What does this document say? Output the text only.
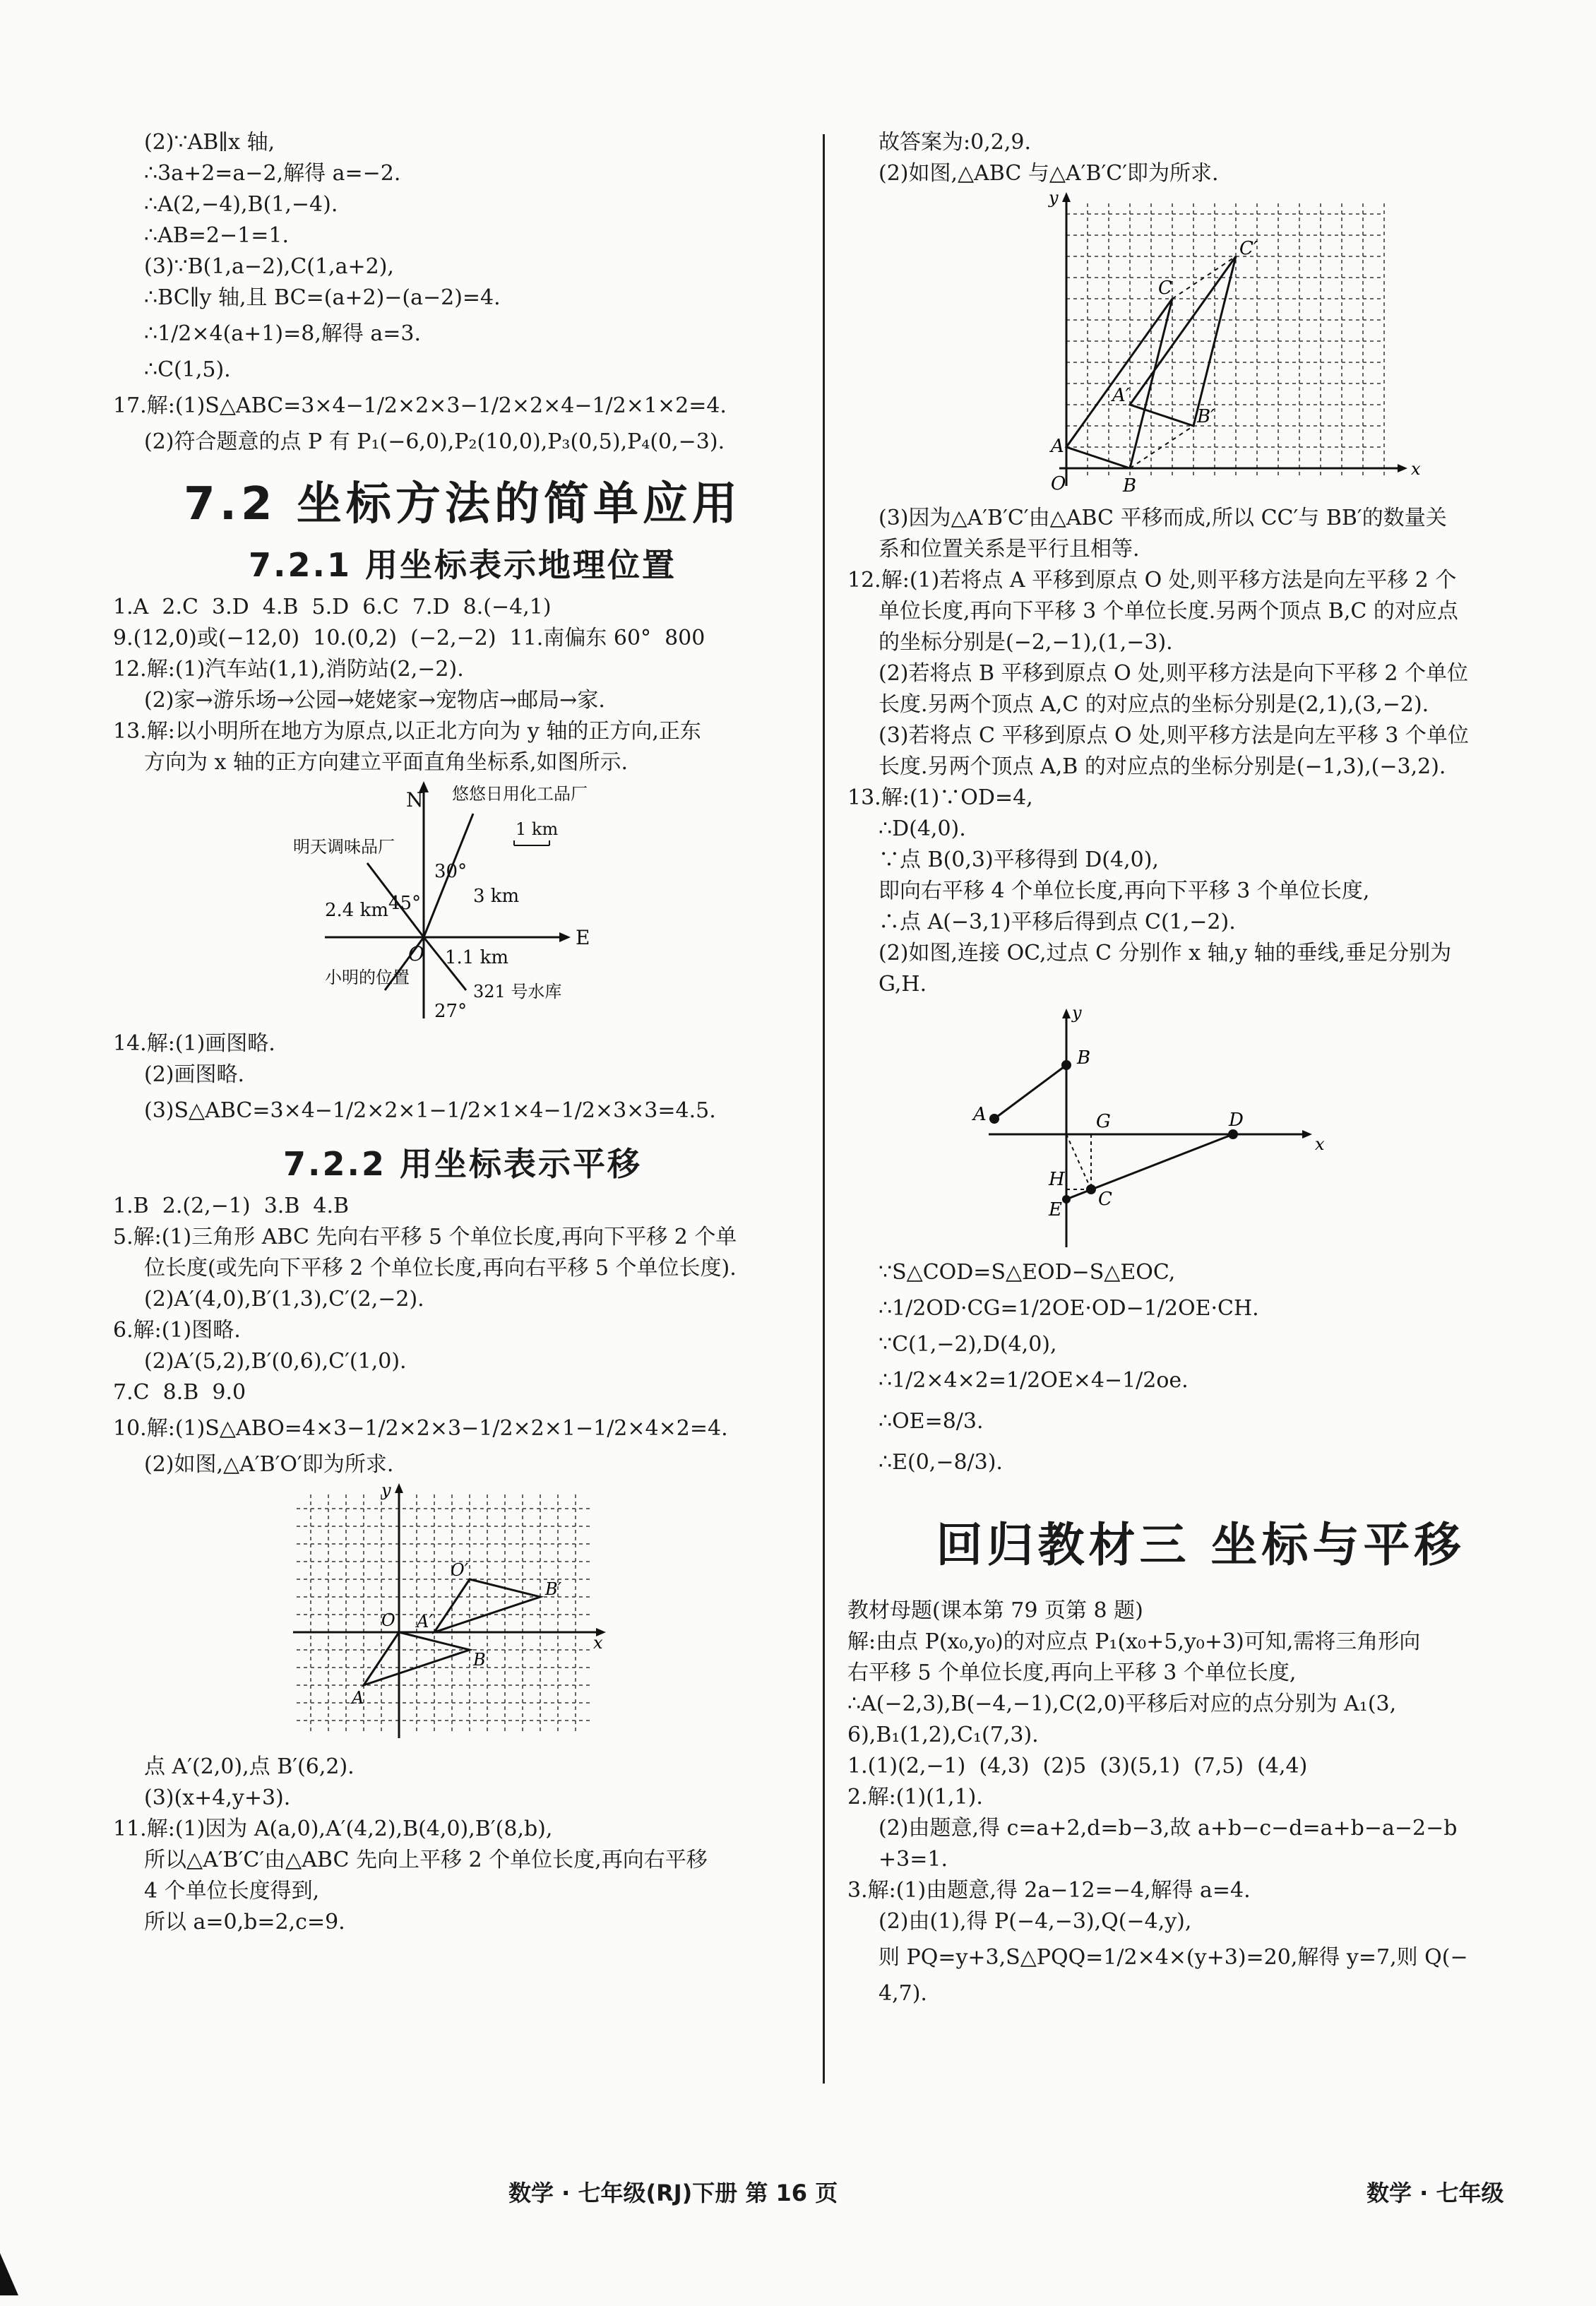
(2)∵AB∥x 轴,
∴3a+2=a−2,解得 a=−2.
∴A(2,−4),B(1,−4).
∴AB=2−1=1.
(3)∵B(1,a−2),C(1,a+2),
∴BC∥y 轴,且 BC=(a+2)−(a−2)=4.
∴1/2×4(a+1)=8,解得 a=3.
∴C(1,5).
17.解:(1)S△ABC=3×4−1/2×2×3−1/2×2×4−1/2×1×2=4.
(2)符合题意的点 P 有 P₁(−6,0),P₂(10,0),P₃(0,5),P₄(0,−3).
7.2 坐标方法的简单应用
7.2.1 用坐标表示地理位置
1.A  2.C  3.D  4.B  5.D  6.C  7.D  8.(−4,1)
9.(12,0)或(−12,0)  10.(0,2)  (−2,−2)  11.南偏东 60°  800
12.解:(1)汽车站(1,1),消防站(2,−2).
(2)家→游乐场→公园→姥姥家→宠物店→邮局→家.
13.解:以小明所在地方为原点,以正北方向为 y 轴的正方向,正东
方向为 x 轴的正方向建立平面直角坐标系,如图所示.
悠悠日用化工品厂
N
1 km
明天调味品厂
30°
3 km
45°
2.4 km
E
O 1.1 km
小明的位置
321 号水库
27°
14.解:(1)画图略.
(2)画图略.
(3)S△ABC=3×4−1/2×2×1−1/2×1×4−1/2×3×3=4.5.
7.2.2 用坐标表示平移
1.B  2.(2,−1)  3.B  4.B
5.解:(1)三角形 ABC 先向右平移 5 个单位长度,再向下平移 2 个单
位长度(或先向下平移 2 个单位长度,再向右平移 5 个单位长度).
(2)A′(4,0),B′(1,3),C′(2,−2).
6.解:(1)图略.
(2)A′(5,2),B′(0,6),C′(1,0).
7.C  8.B  9.0
10.解:(1)S△ABO=4×3−1/2×2×3−1/2×2×1−1/2×4×2=4.
(2)如图,△A′B′O′即为所求.
y
x
O
A
B
A′
B′
O′
点 A′(2,0),点 B′(6,2).
(3)(x+4,y+3).
11.解:(1)因为 A(a,0),A′(4,2),B(4,0),B′(8,b),
所以△A′B′C′由△ABC 先向上平移 2 个单位长度,再向右平移
4 个单位长度得到,
所以 a=0,b=2,c=9.
故答案为:0,2,9.
(2)如图,△ABC 与△A′B′C′即为所求.
y
x
O
A
B
C
A′
B′
C′
(3)因为△A′B′C′由△ABC 平移而成,所以 CC′与 BB′的数量关
系和位置关系是平行且相等.
12.解:(1)若将点 A 平移到原点 O 处,则平移方法是向左平移 2 个
单位长度,再向下平移 3 个单位长度.另两个顶点 B,C 的对应点
的坐标分别是(−2,−1),(1,−3).
(2)若将点 B 平移到原点 O 处,则平移方法是向下平移 2 个单位
长度.另两个顶点 A,C 的对应点的坐标分别是(2,1),(3,−2).
(3)若将点 C 平移到原点 O 处,则平移方法是向左平移 3 个单位
长度.另两个顶点 A,B 的对应点的坐标分别是(−1,3),(−3,2).
13.解:(1)∵OD=4,
∴D(4,0).
∵点 B(0,3)平移得到 D(4,0),
即向右平移 4 个单位长度,再向下平移 3 个单位长度,
∴点 A(−3,1)平移后得到点 C(1,−2).
(2)如图,连接 OC,过点 C 分别作 x 轴,y 轴的垂线,垂足分别为
G,H.
y
x
A
B
G	D
H
C
E
∵S△COD=S△EOD−S△EOC,
∴1/2OD·CG=1/2OE·OD−1/2OE·CH.
∵C(1,−2),D(4,0),
∴1/2×4×2=1/2OE×4−1/2oe.
∴OE=8/3.
∴E(0,−8/3).
回归教材三 坐标与平移
教材母题(课本第 79 页第 8 题)
解:由点 P(x₀,y₀)的对应点 P₁(x₀+5,y₀+3)可知,需将三角形向
右平移 5 个单位长度,再向上平移 3 个单位长度,
∴A(−2,3),B(−4,−1),C(2,0)平移后对应的点分别为 A₁(3,
6),B₁(1,2),C₁(7,3).
1.(1)(2,−1)  (4,3)  (2)5  (3)(5,1)  (7,5)  (4,4)
2.解:(1)(1,1).
(2)由题意,得 c=a+2,d=b−3,故 a+b−c−d=a+b−a−2−b
+3=1.
3.解:(1)由题意,得 2a−12=−4,解得 a=4.
(2)由(1),得 P(−4,−3),Q(−4,y),
则 PQ=y+3,S△PQQ=1/2×4×(y+3)=20,解得 y=7,则 Q(−
4,7).
数学 · 七年级(RJ)下册 第 16 页	数学 · 七年级
